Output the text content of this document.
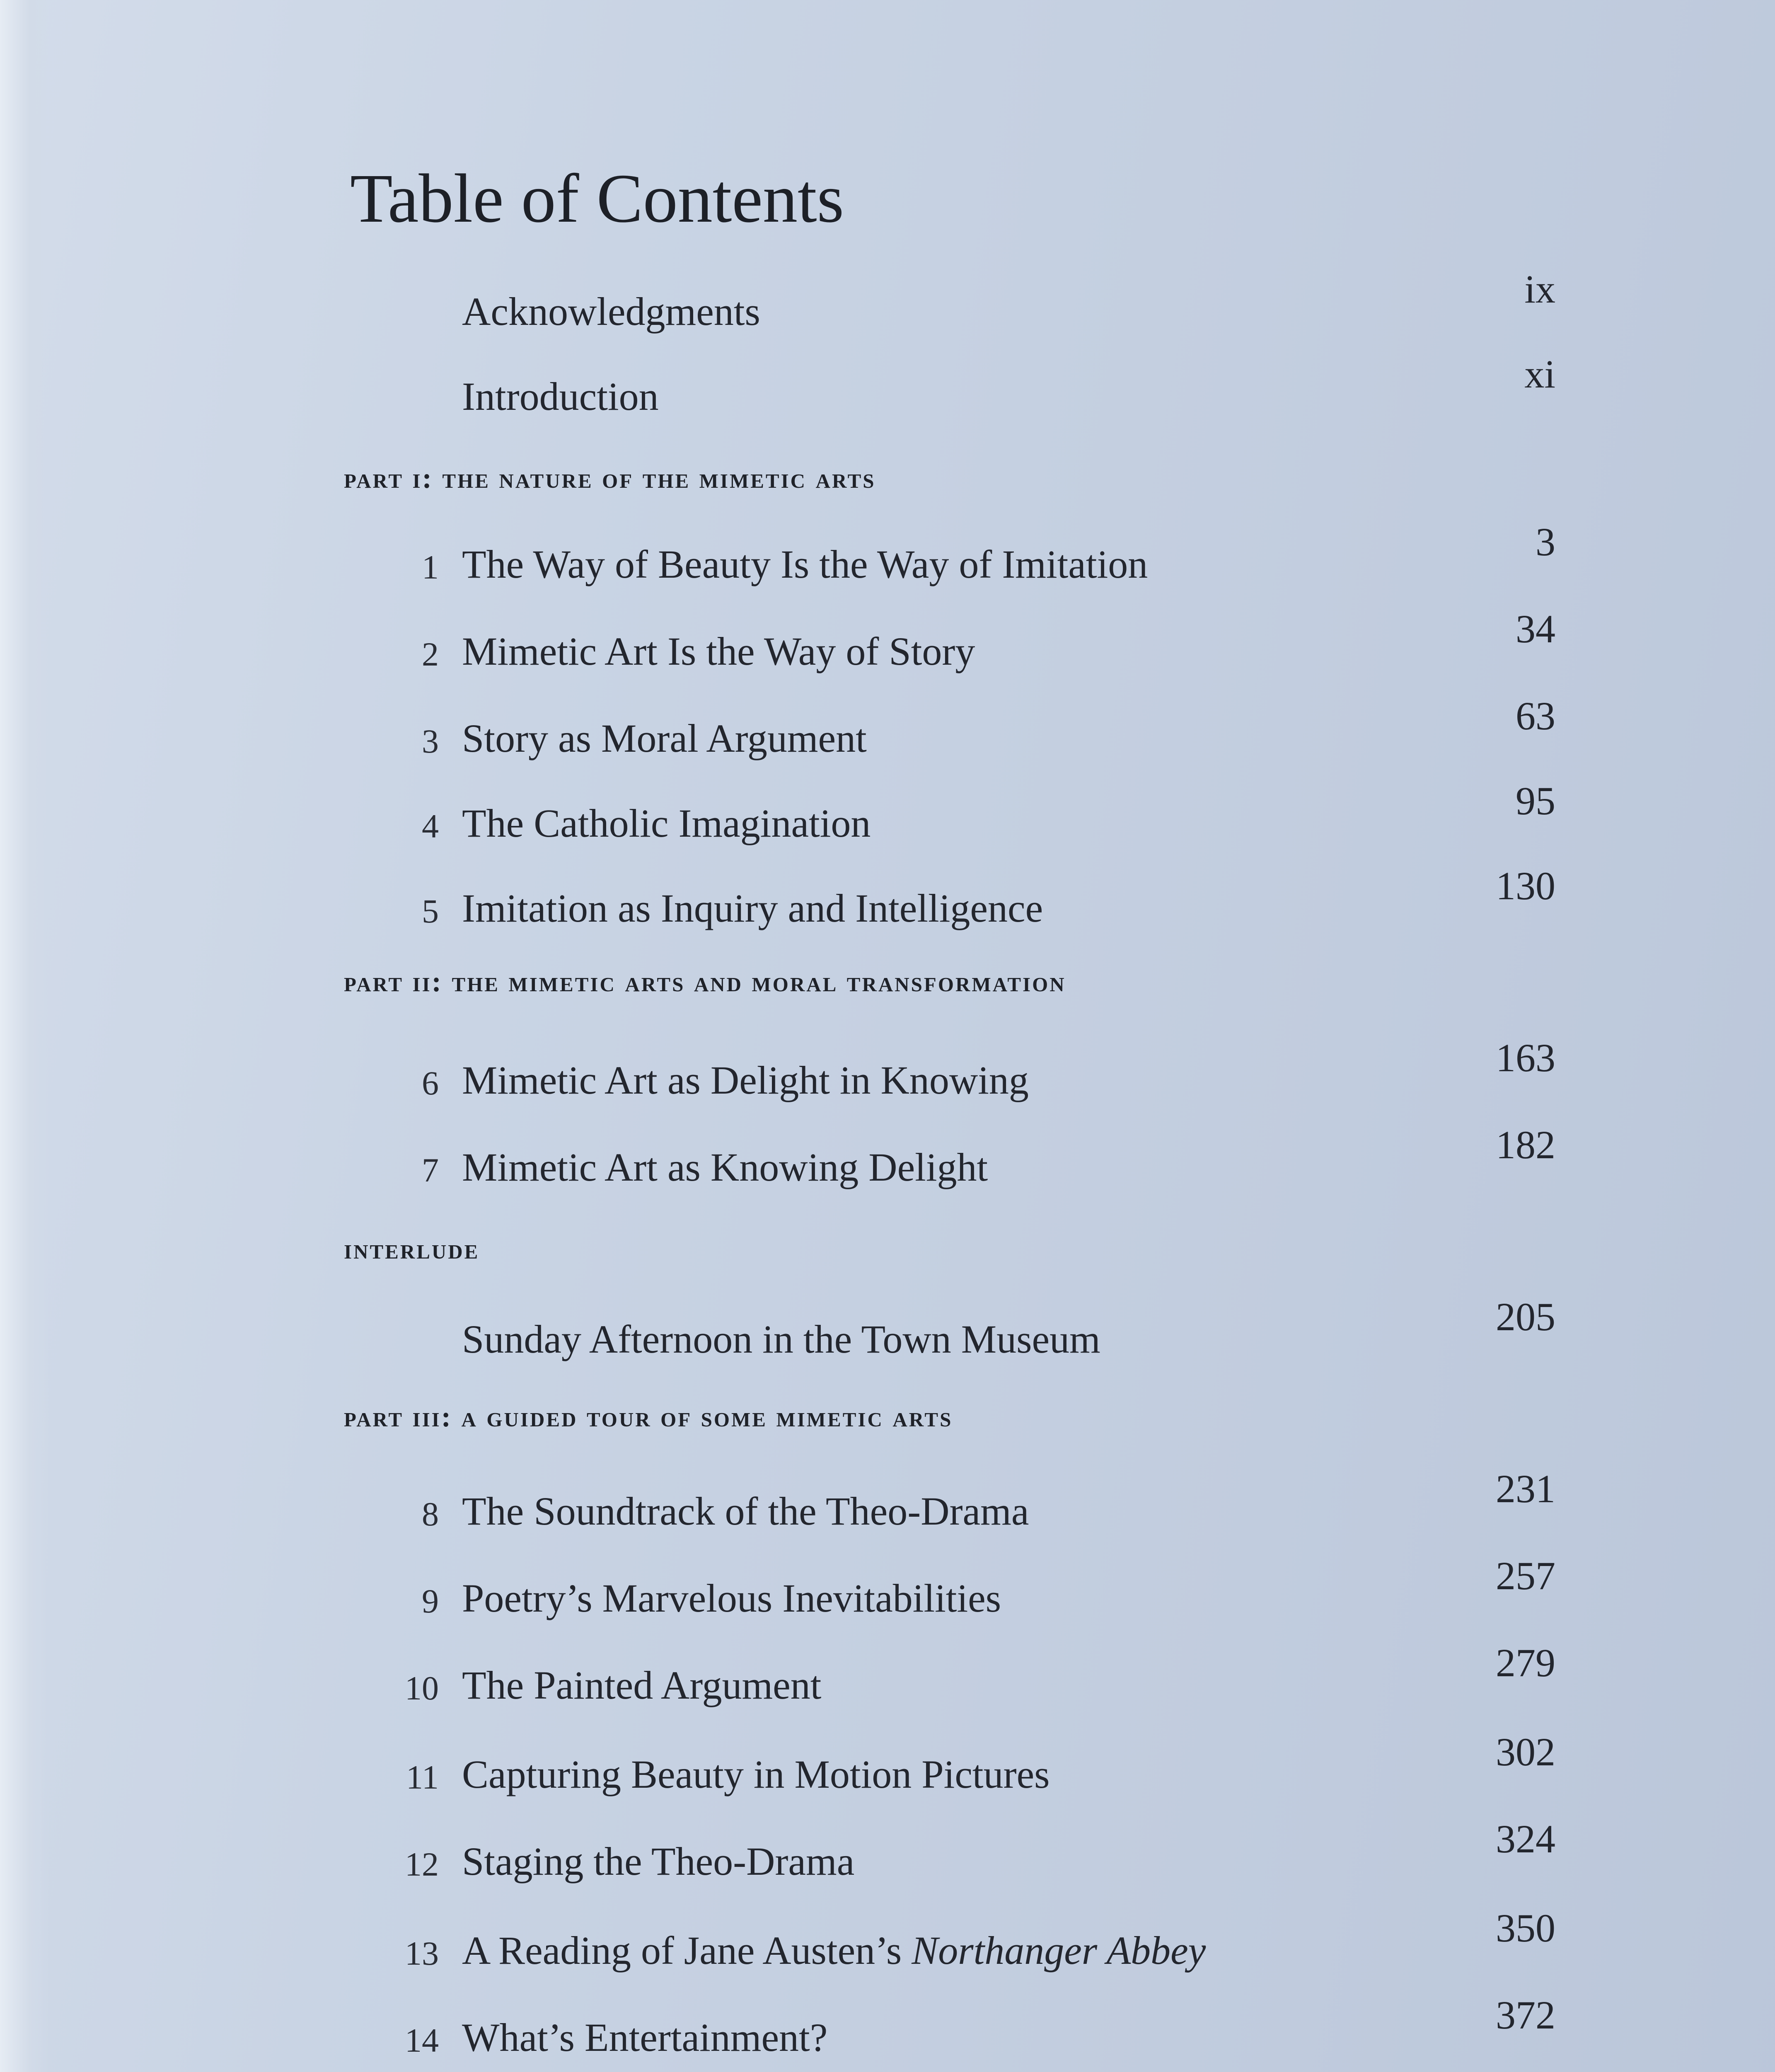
Table of Contents
Acknowledgments
ix
Introduction
xi
part i: the nature of the mimetic arts
1 The Way of Beauty Is the Way of Imitation
3
2 Mimetic Art Is the Way of Story
34
3 Story as Moral Argument
63
4 The Catholic Imagination
95
5 Imitation as Inquiry and Intelligence
130
part ii: the mimetic arts and moral transformation
6 Mimetic Art as Delight in Knowing
163
7 Mimetic Art as Knowing Delight
182
interlude
Sunday Afternoon in the Town Museum
205
part iii: a guided tour of some mimetic arts
8 The Soundtrack of the Theo-Drama
231
9 Poetry’s Marvelous Inevitabilities
257
10 The Painted Argument
279
11 Capturing Beauty in Motion Pictures
302
12 Staging the Theo-Drama
324
13 A Reading of Jane Austen’s Northanger Abbey
350
14 What’s Entertainment?
372
